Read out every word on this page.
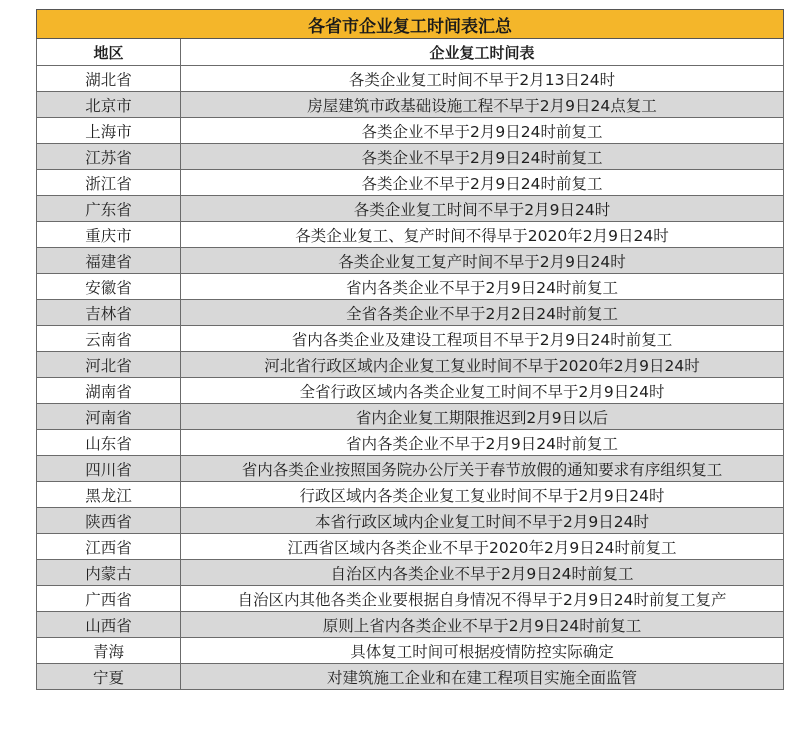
各省市企业复工时间表汇总	
地区	企业复工时间表
湖北省	各类企业复工时间不早于2月13日24时
北京市	房屋建筑市政基础设施工程不早于2月9日24点复工
上海市	各类企业不早于2月9日24时前复工
江苏省	各类企业不早于2月9日24时前复工
浙江省	各类企业不早于2月9日24时前复工
广东省	各类企业复工时间不早于2月9日24时
重庆市	各类企业复工、复产时间不得早于2020年2月9日24时
福建省	各类企业复工复产时间不早于2月9日24时
安徽省	省内各类企业不早于2月9日24时前复工
吉林省	全省各类企业不早于2月2日24时前复工
云南省	省内各类企业及建设工程项目不早于2月9日24时前复工
河北省	河北省行政区域内企业复工复业时间不早于2020年2月9日24时
湖南省	全省行政区域内各类企业复工时间不早于2月9日24时
河南省	省内企业复工期限推迟到2月9日以后
山东省	省内各类企业不早于2月9日24时前复工
四川省	省内各类企业按照国务院办公厅关于春节放假的通知要求有序组织复工
黑龙江	行政区域内各类企业复工复业时间不早于2月9日24时
陕西省	本省行政区域内企业复工时间不早于2月9日24时
江西省	江西省区域内各类企业不早于2020年2月9日24时前复工
内蒙古	自治区内各类企业不早于2月9日24时前复工
广西省	自治区内其他各类企业要根据自身情况不得早于2月9日24时前复工复产
山西省	原则上省内各类企业不早于2月9日24时前复工
青海	具体复工时间可根据疫情防控实际确定
宁夏	对建筑施工企业和在建工程项目实施全面监管
